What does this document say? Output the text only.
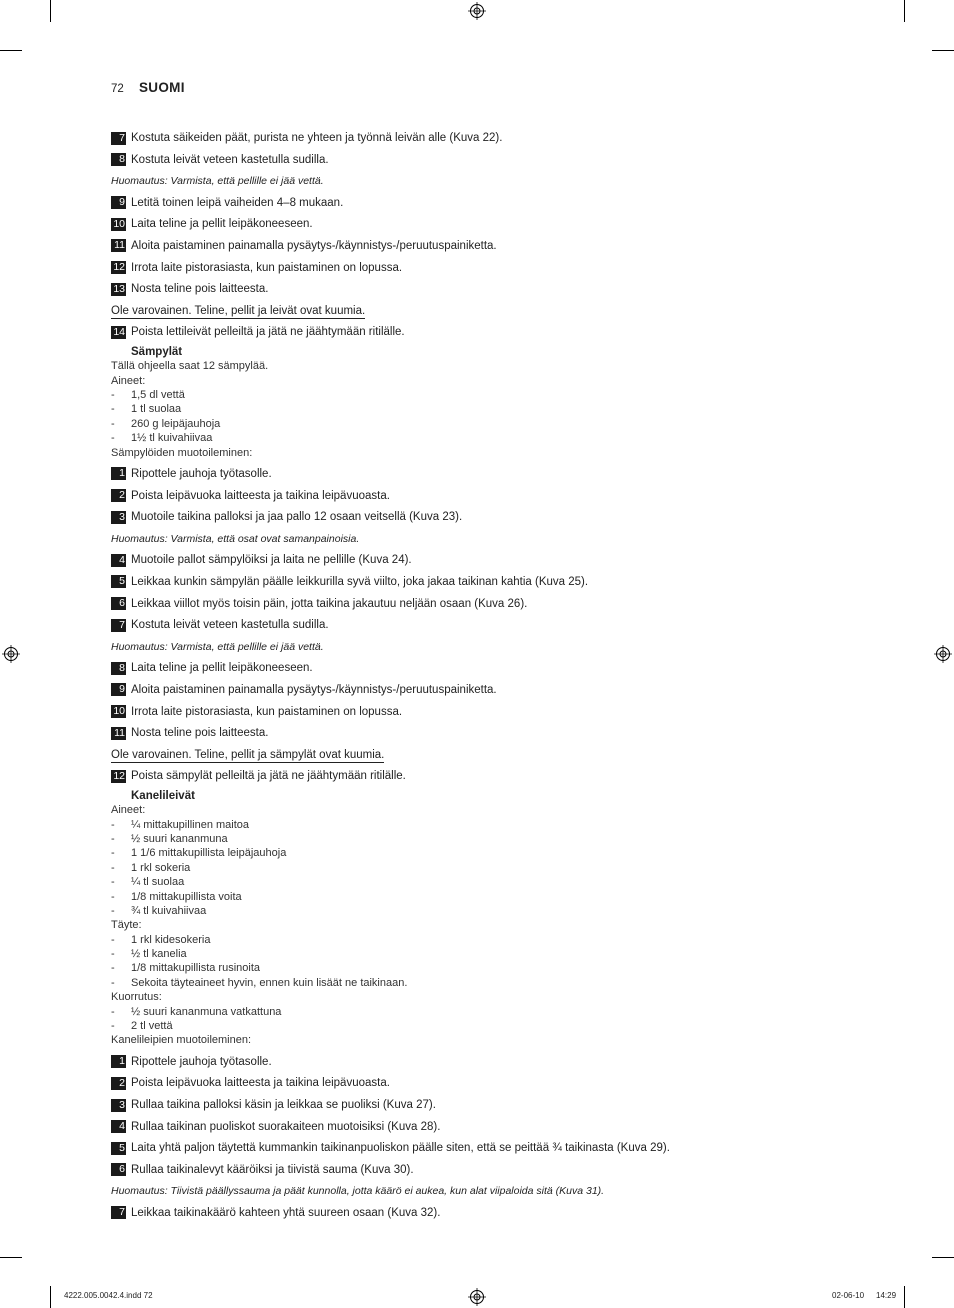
72 SUOMI
7 Kostuta säikeiden päät, purista ne yhteen ja työnnä leivän alle (Kuva 22).
8 Kostuta leivät veteen kastetulla sudilla.
Huomautus: Varmista, että pellille ei jää vettä.
9 Letitä toinen leipä vaiheiden 4–8 mukaan.
10 Laita teline ja pellit leipäkoneeseen.
11 Aloita paistaminen painamalla pysäytys-/käynnistys-/peruutuspainiketta.
12 Irrota laite pistorasiasta, kun paistaminen on lopussa.
13 Nosta teline pois laitteesta.
Ole varovainen. Teline, pellit ja leivät ovat kuumia.
14 Poista lettileivät pelleiltä ja jätä ne jäähtymään ritilälle.
Sämpylät
Tällä ohjeella saat 12 sämpylää.
Aineet:
-	1,5 dl vettä
-	1 tl suolaa
-	260 g leipäjauhoja
-	1½ tl kuivahiivaa
Sämpylöiden muotoileminen:
1 Ripottele jauhoja työtasolle.
2 Poista leipävuoka laitteesta ja taikina leipävuoasta.
3 Muotoile taikina palloksi ja jaa pallo 12 osaan veitsellä (Kuva 23).
Huomautus: Varmista, että osat ovat samanpainoisia.
4 Muotoile pallot sämpylöiksi ja laita ne pellille (Kuva 24).
5 Leikkaa kunkin sämpylän päälle leikkurilla syvä viilto, joka jakaa taikinan kahtia (Kuva 25).
6 Leikkaa viillot myös toisin päin, jotta taikina jakautuu neljään osaan (Kuva 26).
7 Kostuta leivät veteen kastetulla sudilla.
Huomautus: Varmista, että pellille ei jää vettä.
8 Laita teline ja pellit leipäkoneeseen.
9 Aloita paistaminen painamalla pysäytys-/käynnistys-/peruutuspainiketta.
10 Irrota laite pistorasiasta, kun paistaminen on lopussa.
11 Nosta teline pois laitteesta.
Ole varovainen. Teline, pellit ja sämpylät ovat kuumia.
12 Poista sämpylät pelleiltä ja jätä ne jäähtymään ritilälle.
Kanelileivät
Aineet:
-	¼ mittakupillinen maitoa
-	½ suuri kananmuna
-	1 1/6 mittakupillista leipäjauhoja
-	1 rkl sokeria
-	¼ tl suolaa
-	1/8 mittakupillista voita
-	¾ tl kuivahiivaa
Täyte:
-	1 rkl kidesokeria
-	½ tl kanelia
-	1/8 mittakupillista rusinoita
-	Sekoita täyteaineet hyvin, ennen kuin lisäät ne taikinaan.
Kuorrutus:
-	½ suuri kananmuna vatkattuna
-	2 tl vettä
Kanelileipien muotoileminen:
1 Ripottele jauhoja työtasolle.
2 Poista leipävuoka laitteesta ja taikina leipävuoasta.
3 Rullaa taikina palloksi käsin ja leikkaa se puoliksi (Kuva 27).
4 Rullaa taikinan puoliskot suorakaiteen muotoisiksi (Kuva 28).
5 Laita yhtä paljon täytettä kummankin taikinanpuoliskon päälle siten, että se peittää ¾ taikinasta (Kuva 29).
6 Rullaa taikinalevyt kääröiksi ja tiivistä sauma (Kuva 30).
Huomautus: Tiivistä päällyssauma ja päät kunnolla, jotta käärö ei aukea, kun alat viipaloida sitä (Kuva 31).
7 Leikkaa taikinakäärö kahteen yhtä suureen osaan (Kuva 32).
4222.005.0042.4.indd 72	02-06-10 14:29
